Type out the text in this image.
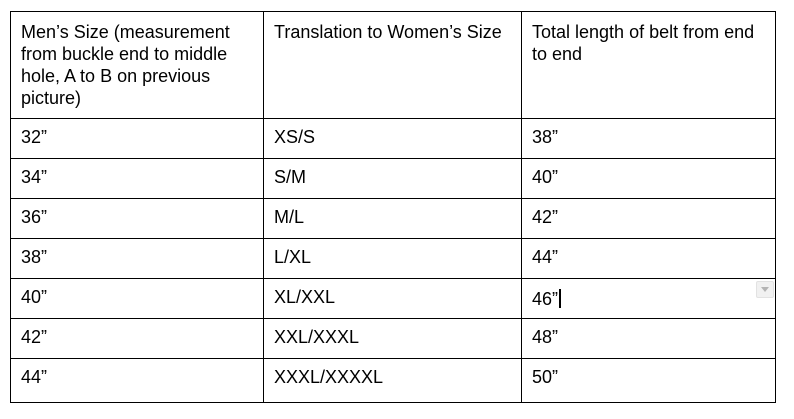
Men’s Size (measurement from buckle end to middle hole, A to B on previous picture)	Translation to Women’s Size	Total length of belt from end to end
32”	XS/S	38”
34”	S/M	40”
36”	M/L	42”
38”	L/XL	44”
40”	XL/XXL	46”
42”	XXL/XXXL	48”
44”	XXXL/XXXXL	50”
